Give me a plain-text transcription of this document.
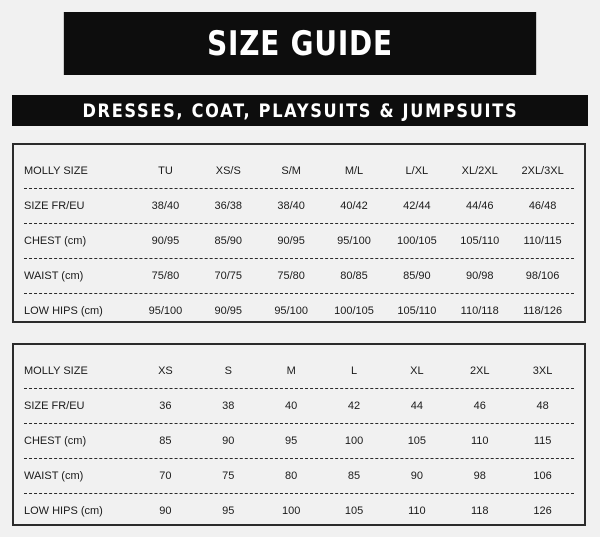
SIZE GUIDE
DRESSES, COAT, PLAYSUITS & JUMPSUITS
MOLLY SIZE	TU	XS/S	S/M	M/L	L/XL	XL/2XL	2XL/3XL
SIZE FR/EU	38/40	36/38	38/40	40/42	42/44	44/46	46/48
CHEST (cm)	90/95	85/90	90/95	95/100	100/105	105/110	110/115
WAIST (cm)	75/80	70/75	75/80	80/85	85/90	90/98	98/106
LOW HIPS (cm)	95/100	90/95	95/100	100/105	105/110	110/118	118/126
MOLLY SIZE	XS	S	M	L	XL	2XL	3XL
SIZE FR/EU	36	38	40	42	44	46	48
CHEST (cm)	85	90	95	100	105	110	115
WAIST (cm)	70	75	80	85	90	98	106
LOW HIPS (cm)	90	95	100	105	110	118	126
